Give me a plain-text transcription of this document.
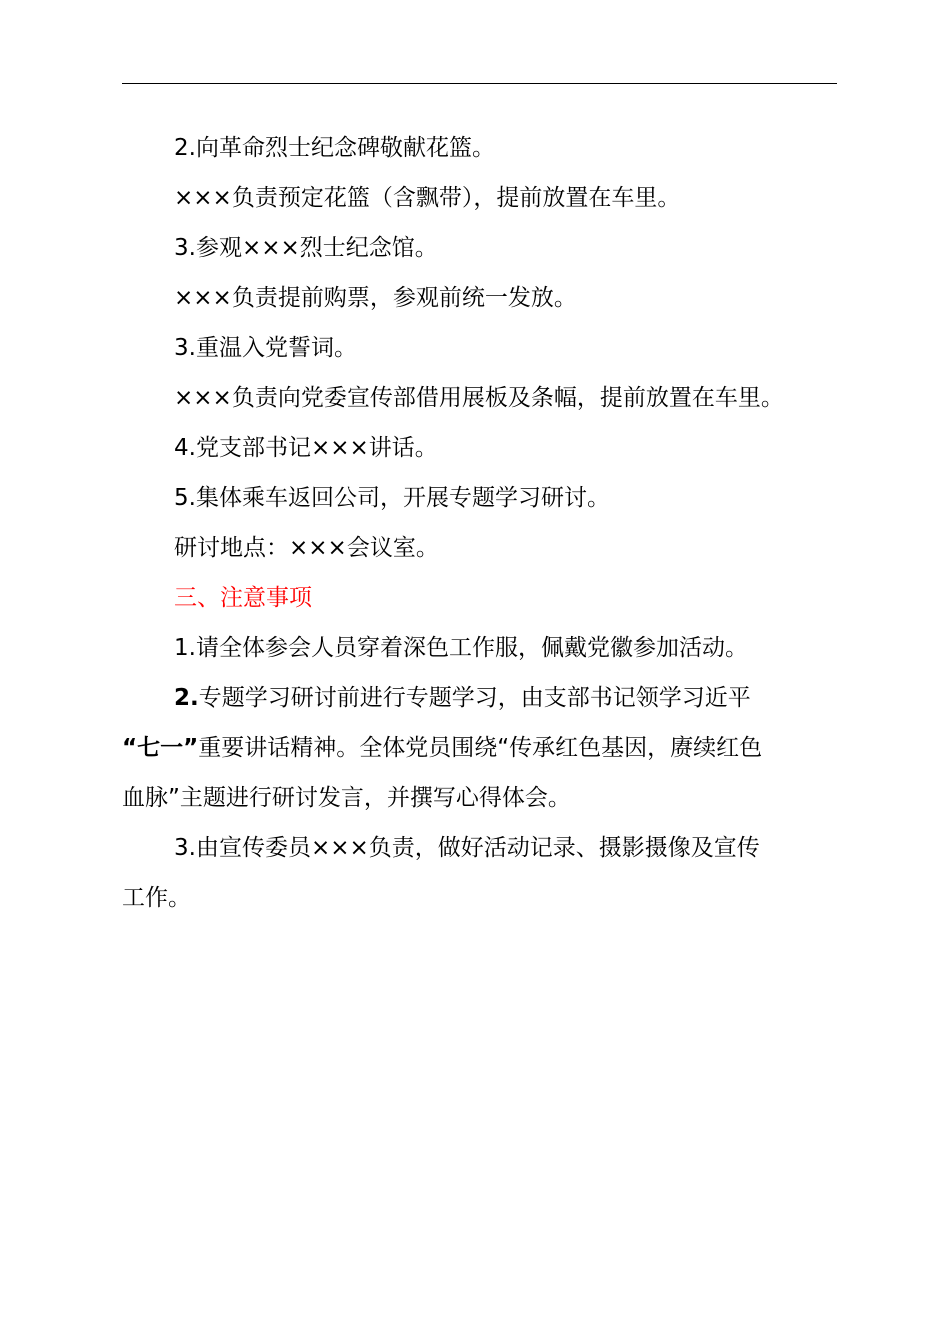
2.向革命烈士纪念碑敬献花篮。
×××负责预定花篮（含飘带），提前放置在车里。
3.参观×××烈士纪念馆。
×××负责提前购票，参观前统一发放。
3.重温入党誓词。
×××负责向党委宣传部借用展板及条幅，提前放置在车里。
4.党支部书记×××讲话。
5.集体乘车返回公司，开展专题学习研讨。
研讨地点：×××会议室。
三、注意事项
1.请全体参会人员穿着深色工作服，佩戴党徽参加活动。
2.专题学习研讨前进行专题学习，由支部书记领学习近平
“七一”重要讲话精神。全体党员围绕“传承红色基因，赓续红色
血脉”主题进行研讨发言，并撰写心得体会。
3.由宣传委员×××负责，做好活动记录、摄影摄像及宣传
工作。
